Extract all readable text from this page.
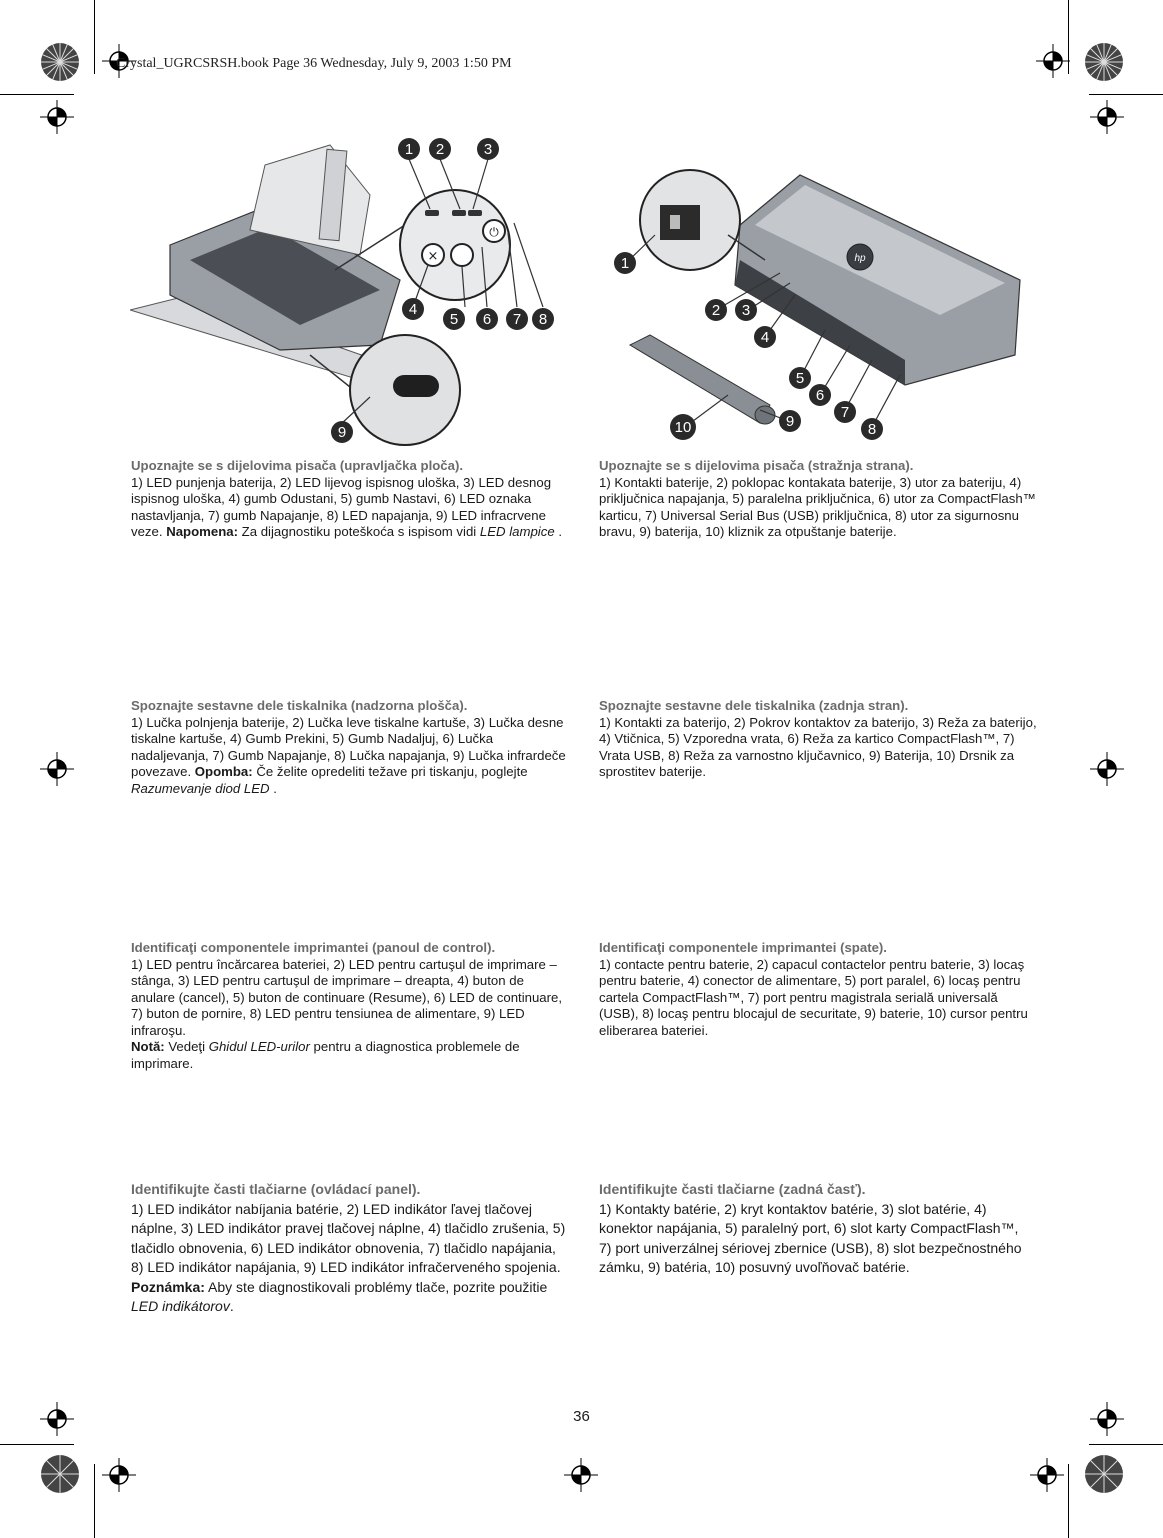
Crystal_UGRCSRSH.book Page 36 Wednesday, July 9, 2003 1:50 PM
×
⏻
1 2	3
4
5 6 7 8
9
hp
1
2 3
4
5
6
7
8
9
10
Upoznajte se s dijelovima pisača (upravljačka ploča).
1) LED punjenja baterija, 2) LED lijevog ispisnog uloška, 3) LED desnog ispisnog uloška, 4) gumb Odustani, 5) gumb Nastavi, 6) LED oznaka nastavljanja, 7) gumb Napajanje, 8) LED napajanja, 9) LED infracrvene veze. Napomena: Za dijagnostiku poteškoća s ispisom vidi LED lampice .
Upoznajte se s dijelovima pisača (stražnja strana).
1) Kontakti baterije, 2) poklopac kontakata baterije, 3) utor za bateriju, 4) priključnica napajanja, 5) paralelna priključnica, 6) utor za CompactFlash™ karticu, 7) Universal Serial Bus (USB) priključnica, 8) utor za sigurnosnu bravu, 9) baterija, 10) kliznik za otpuštanje baterije.
Spoznajte sestavne dele tiskalnika (nadzorna plošča).
1) Lučka polnjenja baterije, 2) Lučka leve tiskalne kartuše, 3) Lučka desne tiskalne kartuše, 4) Gumb Prekini, 5) Gumb Nadaljuj, 6) Lučka nadaljevanja, 7) Gumb Napajanje, 8) Lučka napajanja, 9) Lučka infrardeče povezave. Opomba: Če želite opredeliti težave pri tiskanju, poglejte Razumevanje diod LED .
Spoznajte sestavne dele tiskalnika (zadnja stran).
1) Kontakti za baterijo, 2) Pokrov kontaktov za baterijo, 3) Reža za baterijo, 4) Vtičnica, 5) Vzporedna vrata, 6) Reža za kartico CompactFlash™, 7) Vrata USB, 8) Reža za varnostno ključavnico, 9) Baterija, 10) Drsnik za sprostitev baterije.
Identificaţi componentele imprimantei (panoul de control).
1) LED pentru încărcarea bateriei, 2) LED pentru cartuşul de imprimare – stânga, 3) LED pentru cartuşul de imprimare – dreapta, 4) buton de anulare (cancel), 5) buton de continuare (Resume), 6) LED de continuare, 7) buton de pornire, 8) LED pentru tensiunea de alimentare, 9) LED infraroşu.
Notă: Vedeţi Ghidul LED-urilor pentru a diagnostica problemele de imprimare.
Identificaţi componentele imprimantei (spate).
1) contacte pentru baterie, 2) capacul contactelor pentru baterie, 3) locaş pentru baterie, 4) conector de alimentare, 5) port paralel, 6) locaş pentru cartela CompactFlash™, 7) port pentru magistrala serială universală (USB), 8) locaş pentru blocajul de securitate, 9) baterie, 10) cursor pentru eliberarea bateriei.
Identifikujte časti tlačiarne (ovládací panel).
1) LED indikátor nabíjania batérie, 2) LED indikátor ľavej tlačovej náplne, 3) LED indikátor pravej tlačovej náplne, 4) tlačidlo zrušenia, 5) tlačidlo obnovenia, 6) LED indikátor obnovenia, 7) tlačidlo napájania, 8) LED indikátor napájania, 9) LED indikátor infračerveného spojenia. Poznámka: Aby ste diagnostikovali problémy tlače, pozrite použitie LED indikátorov.
Identifikujte časti tlačiarne (zadná časť).
1) Kontakty batérie, 2) kryt kontaktov batérie, 3) slot batérie, 4) konektor napájania, 5) paralelný port, 6) slot karty CompactFlash™, 7) port univerzálnej sériovej zbernice (USB), 8) slot bezpečnostného zámku, 9) batéria, 10) posuvný uvoľňovač batérie.
36
